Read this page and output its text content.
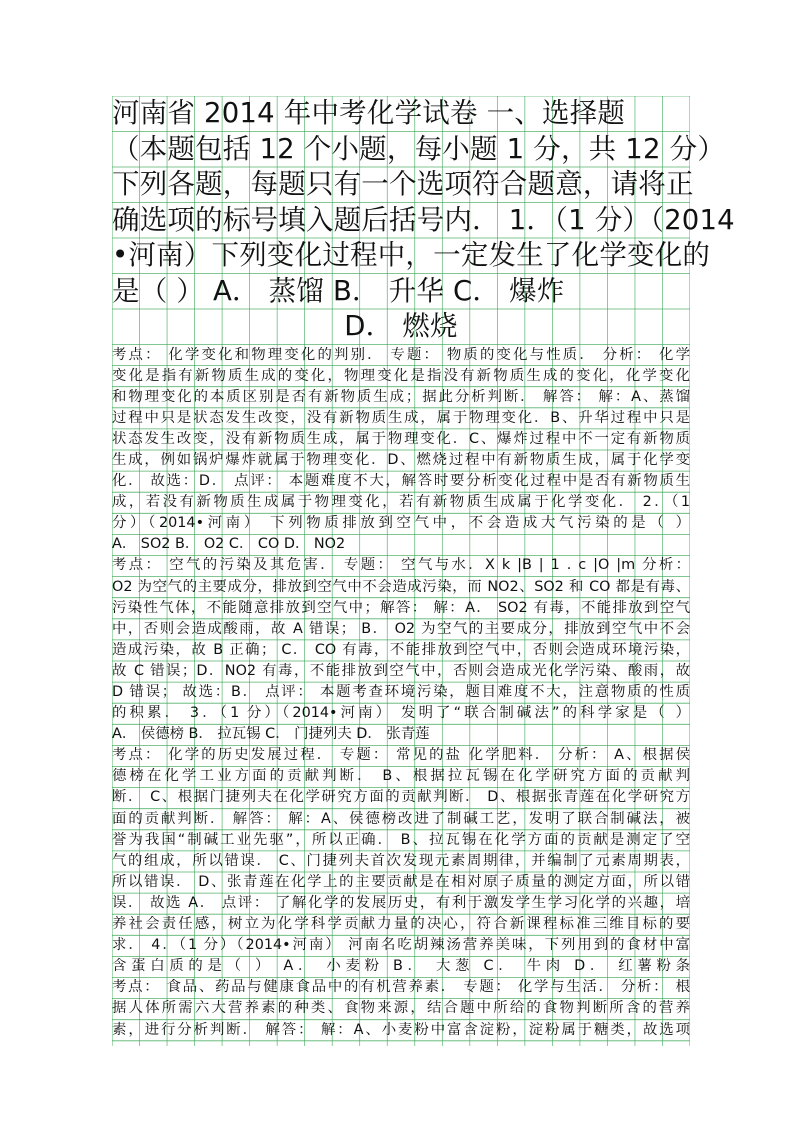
河南省 2014 年中考化学试卷 一、选择题
（本题包括 12 个小题，每小题 1 分，共 12 分）
下列各题，每题只有一个选项符合题意，请将正
确选项的标号填入题后括号内． 1．（1 分）（2014
•河南）下列变化过程中，一定发生了化学变化的
是（ ） A． 蒸馏 B． 升华 C． 爆炸
D． 燃烧
考点： 化学变化和物理变化的判别． 专题： 物质的变化与性质． 分析： 化学
变化是指有新物质生成的变化，物理变化是指没有新物质生成的变化，化学变化
和物理变化的本质区别是否有新物质生成；据此分析判断． 解答： 解：A、蒸馏
过程中只是状态发生改变，没有新物质生成，属于物理变化．B、升华过程中只是
状态发生改变，没有新物质生成，属于物理变化．C、爆炸过程中不一定有新物质
生成，例如锅炉爆炸就属于物理变化．D、燃烧过程中有新物质生成，属于化学变
化． 故选：D． 点评： 本题难度不大，解答时要分析变化过程中是否有新物质生
成，若没有新物质生成属于物理变化，若有新物质生成属于化学变化． 2．（1
分）（2014•河南） 下列物质排放到空气中，不会造成大气污染的是（ ）
A． SO2 B． O2 C． CO D． NO2
考点： 空气的污染及其危害． 专题： 空气与水．X k |B | 1 . c |O |m 分析：
O2 为空气的主要成分，排放到空气中不会造成污染，而 NO2、SO2 和 CO 都是有毒、
污染性气体，不能随意排放到空气中；解答： 解：A． SO2 有毒，不能排放到空气
中，否则会造成酸雨，故 A 错误； B． O2 为空气的主要成分，排放到空气中不会
造成污染，故 B 正确； C． CO 有毒，不能排放到空气中，否则会造成环境污染，
故 C 错误；D．NO2 有毒，不能排放到空气中，否则会造成光化学污染、酸雨，故
D 错误； 故选：B． 点评： 本题考查环境污染，题目难度不大，注意物质的性质
的积累． 3．（1 分）（2014•河南） 发明了“联合制碱法”的科学家是（ ）
A． 侯德榜 B． 拉瓦锡 C． 门捷列夫 D． 张青莲
考点： 化学的历史发展过程． 专题： 常见的盐 化学肥料． 分析： A、根据侯
德榜在化学工业方面的贡献判断． B、根据拉瓦锡在化学研究方面的贡献判
断． C、根据门捷列夫在化学研究方面的贡献判断． D、根据张青莲在化学研究方
面的贡献判断． 解答： 解：A、侯德榜改进了制碱工艺，发明了联合制碱法，被
誉为我国“制碱工业先驱”，所以正确． B、拉瓦锡在化学方面的贡献是测定了空
气的组成，所以错误． C、门捷列夫首次发现元素周期律，并编制了元素周期表，
所以错误． D、张青莲在化学上的主要贡献是在相对原子质量的测定方面，所以错
误． 故选 A． 点评： 了解化学的发展历史，有利于激发学生学习化学的兴趣，培
养社会责任感，树立为化学科学贡献力量的决心，符合新课程标准三维目标的要
求． 4．（1 分）（2014•河南） 河南名吃胡辣汤营养美味，下列用到的食材中富
含蛋白质的是（ ） A． 小麦粉 B． 大葱 C． 牛肉 D． 红薯粉条
考点： 食品、药品与健康食品中的有机营养素． 专题： 化学与生活． 分析： 根
据人体所需六大营养素的种类、食物来源，结合题中所给的食物判断所含的营养
素，进行分析判断． 解答： 解：A、小麦粉中富含淀粉，淀粉属于糖类，故选项
